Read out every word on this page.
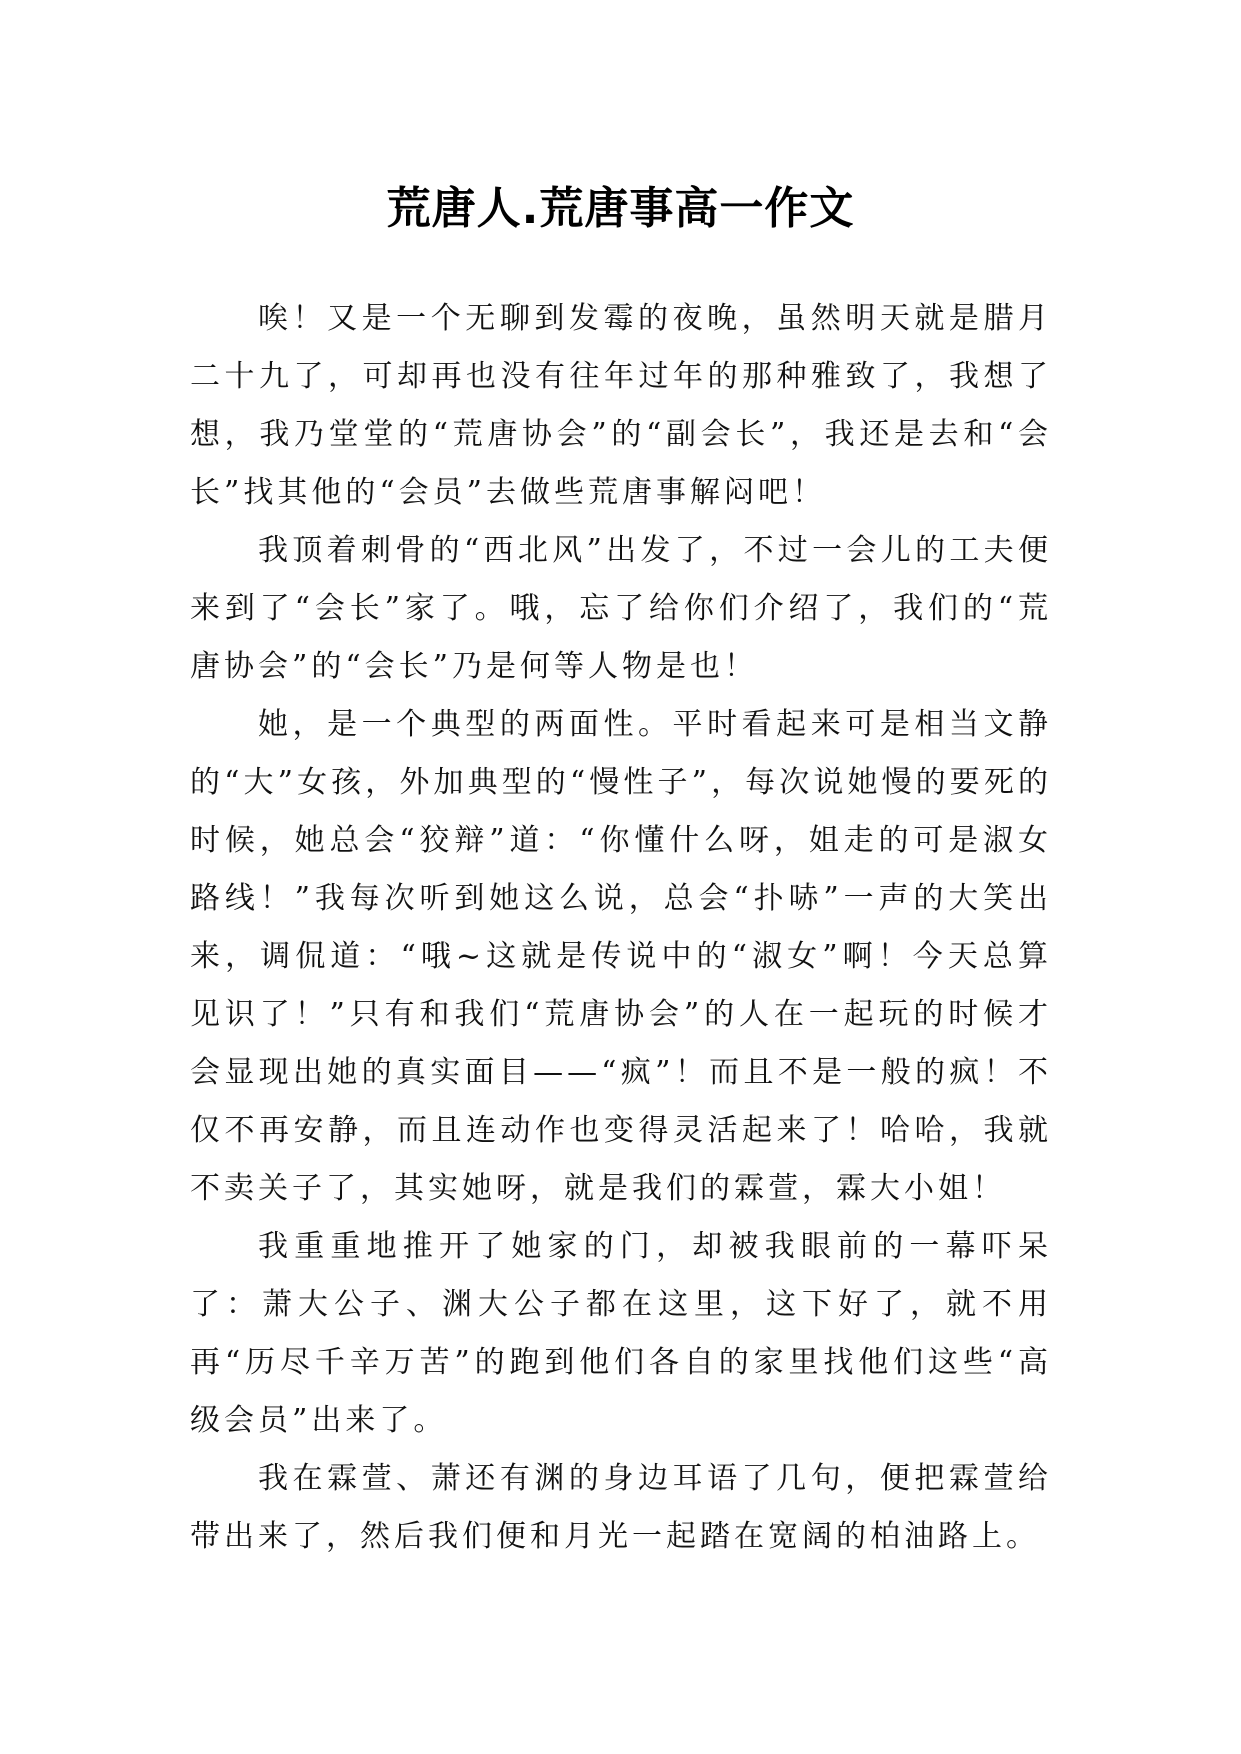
荒唐人.荒唐事高一作文

唉！又是一个无聊到发霉的夜晚，虽然明天就是腊月二十九了，可却再也没有往年过年的那种雅致了，我想了想，我乃堂堂的“荒唐协会”的“副会长”，我还是去和“会长”找其他的“会员”去做些荒唐事解闷吧！

我顶着刺骨的“西北风”出发了，不过一会儿的工夫便来到了“会长”家了。哦，忘了给你们介绍了，我们的“荒唐协会”的“会长”乃是何等人物是也！

她，是一个典型的两面性。平时看起来可是相当文静的“大”女孩，外加典型的“慢性子”，每次说她慢的要死的时候，她总会“狡辩”道：“你懂什么呀，姐走的可是淑女路线！”我每次听到她这么说，总会“扑哧”一声的大笑出来，调侃道：“哦~这就是传说中的“淑女”啊！今天总算见识了！”只有和我们“荒唐协会”的人在一起玩的时候才会显现出她的真实面目——“疯”！而且不是一般的疯！不仅不再安静，而且连动作也变得灵活起来了！哈哈，我就不卖关子了，其实她呀，就是我们的霖萱，霖大小姐！

我重重地推开了她家的门，却被我眼前的一幕吓呆了：萧大公子、渊大公子都在这里，这下好了，就不用再“历尽千辛万苦”的跑到他们各自的家里找他们这些“高级会员”出来了。

我在霖萱、萧还有渊的身边耳语了几句，便把霖萱给带出来了，然后我们便和月光一起踏在宽阔的柏油路上。
